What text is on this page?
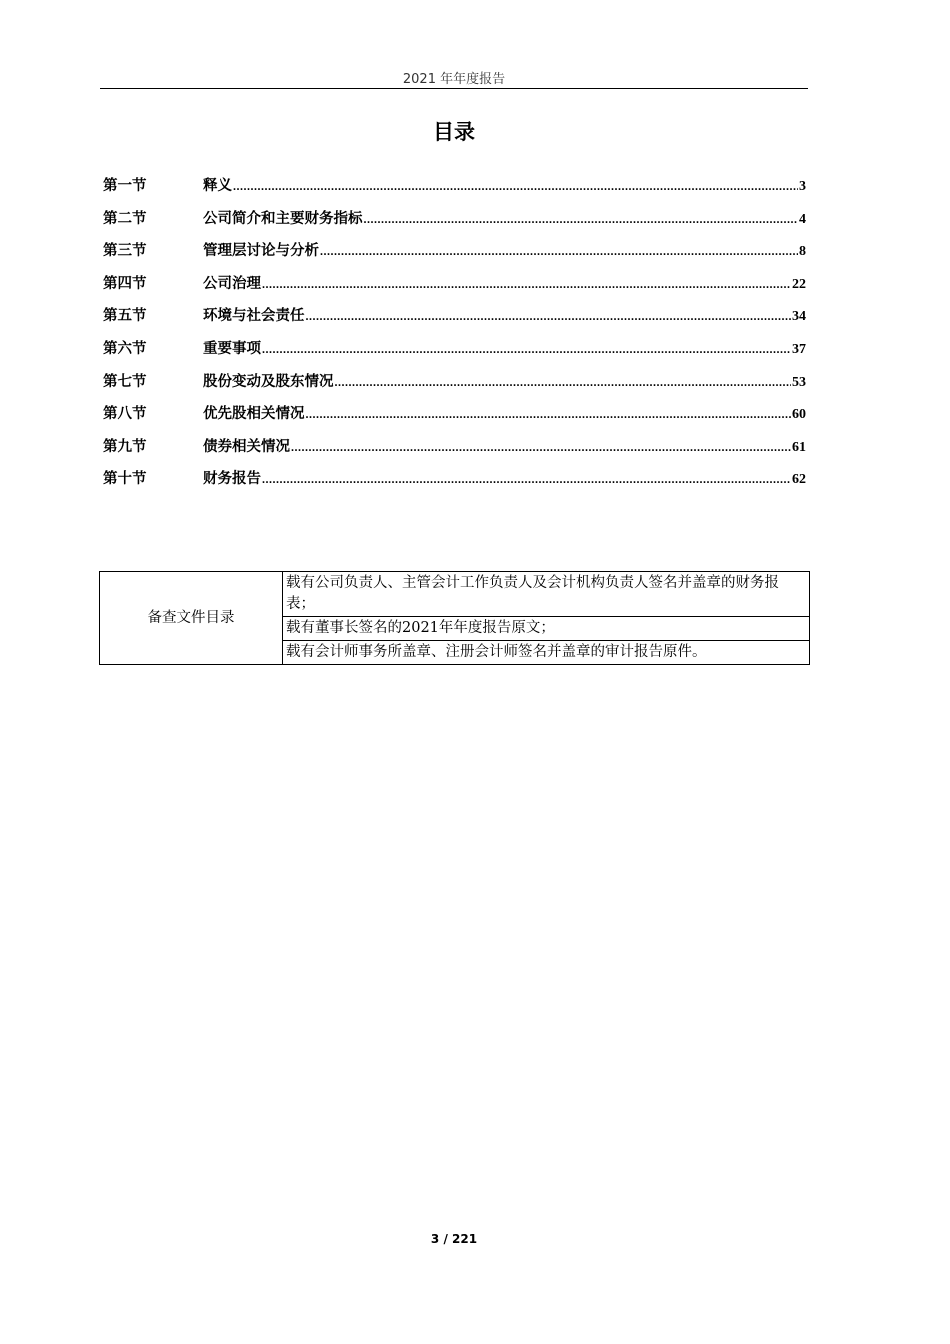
2021 年年度报告
目录
第一节	释义 .....	3
第二节	公司简介和主要财务指标 .....	4
第三节	管理层讨论与分析 .....	8
第四节	公司治理 .....	22
第五节	环境与社会责任 .....	34
第六节	重要事项 .....	37
第七节	股份变动及股东情况 .....	53
第八节	优先股相关情况 .....	60
第九节	债券相关情况 .....	61
第十节	财务报告 .....	62
备查文件目录	载有公司负责人、主管会计工作负责人及会计机构负责人签名并盖章的财务报表；
载有董事长签名的2021年年度报告原文；
载有会计师事务所盖章、注册会计师签名并盖章的审计报告原件。
3 / 221
